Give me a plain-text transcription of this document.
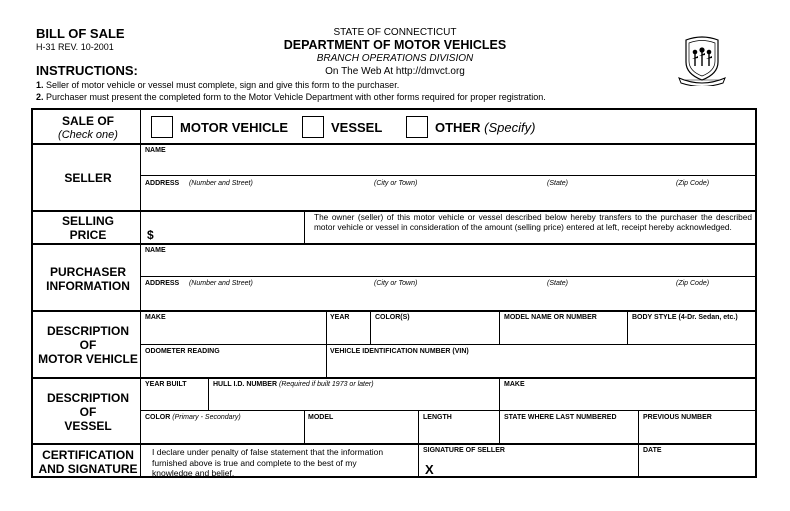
BILL OF SALE
H-31 REV. 10-2001
INSTRUCTIONS:
STATE OF CONNECTICUT
DEPARTMENT OF MOTOR VEHICLES
BRANCH OPERATIONS DIVISION
On The Web At http://dmvct.org
1. Seller of motor vehicle or vessel must complete, sign and give this form to the purchaser.
2. Purchaser must present the completed form to the Motor Vehicle Department with other forms required for proper registration.
SALE OF
(Check one)	MOTOR VEHICLE	VESSEL	OTHER (Specify)
SELLER
NAME
ADDRESS (Number and Street)	(City or Town)	(State)	(Zip Code)
SELLING
PRICE	$
The owner (seller) of this motor vehicle or vessel described below hereby transfers to the purchaser the described motor vehicle or vessel in consideration of the amount (selling price) entered at left, receipt hereby acknowledged.
PURCHASER
INFORMATION
NAME
ADDRESS (Number and Street)	(City or Town)	(State)	(Zip Code)
DESCRIPTION
OF
MOTOR VEHICLE
MAKE	YEAR	COLOR(S)	MODEL NAME OR NUMBER	BODY STYLE (4-Dr. Sedan, etc.)
ODOMETER READING	VEHICLE IDENTIFICATION NUMBER (VIN)
DESCRIPTION
OF
VESSEL
YEAR BUILT	HULL I.D. NUMBER (Required if built 1973 or later)	MAKE
COLOR (Primary - Secondary)	MODEL	LENGTH	STATE WHERE LAST NUMBERED	PREVIOUS NUMBER
CERTIFICATION
AND SIGNATURE
I declare under penalty of false statement that the information
furnished above is true and complete to the best of my
knowledge and belief.
SIGNATURE OF SELLER
X
DATE
